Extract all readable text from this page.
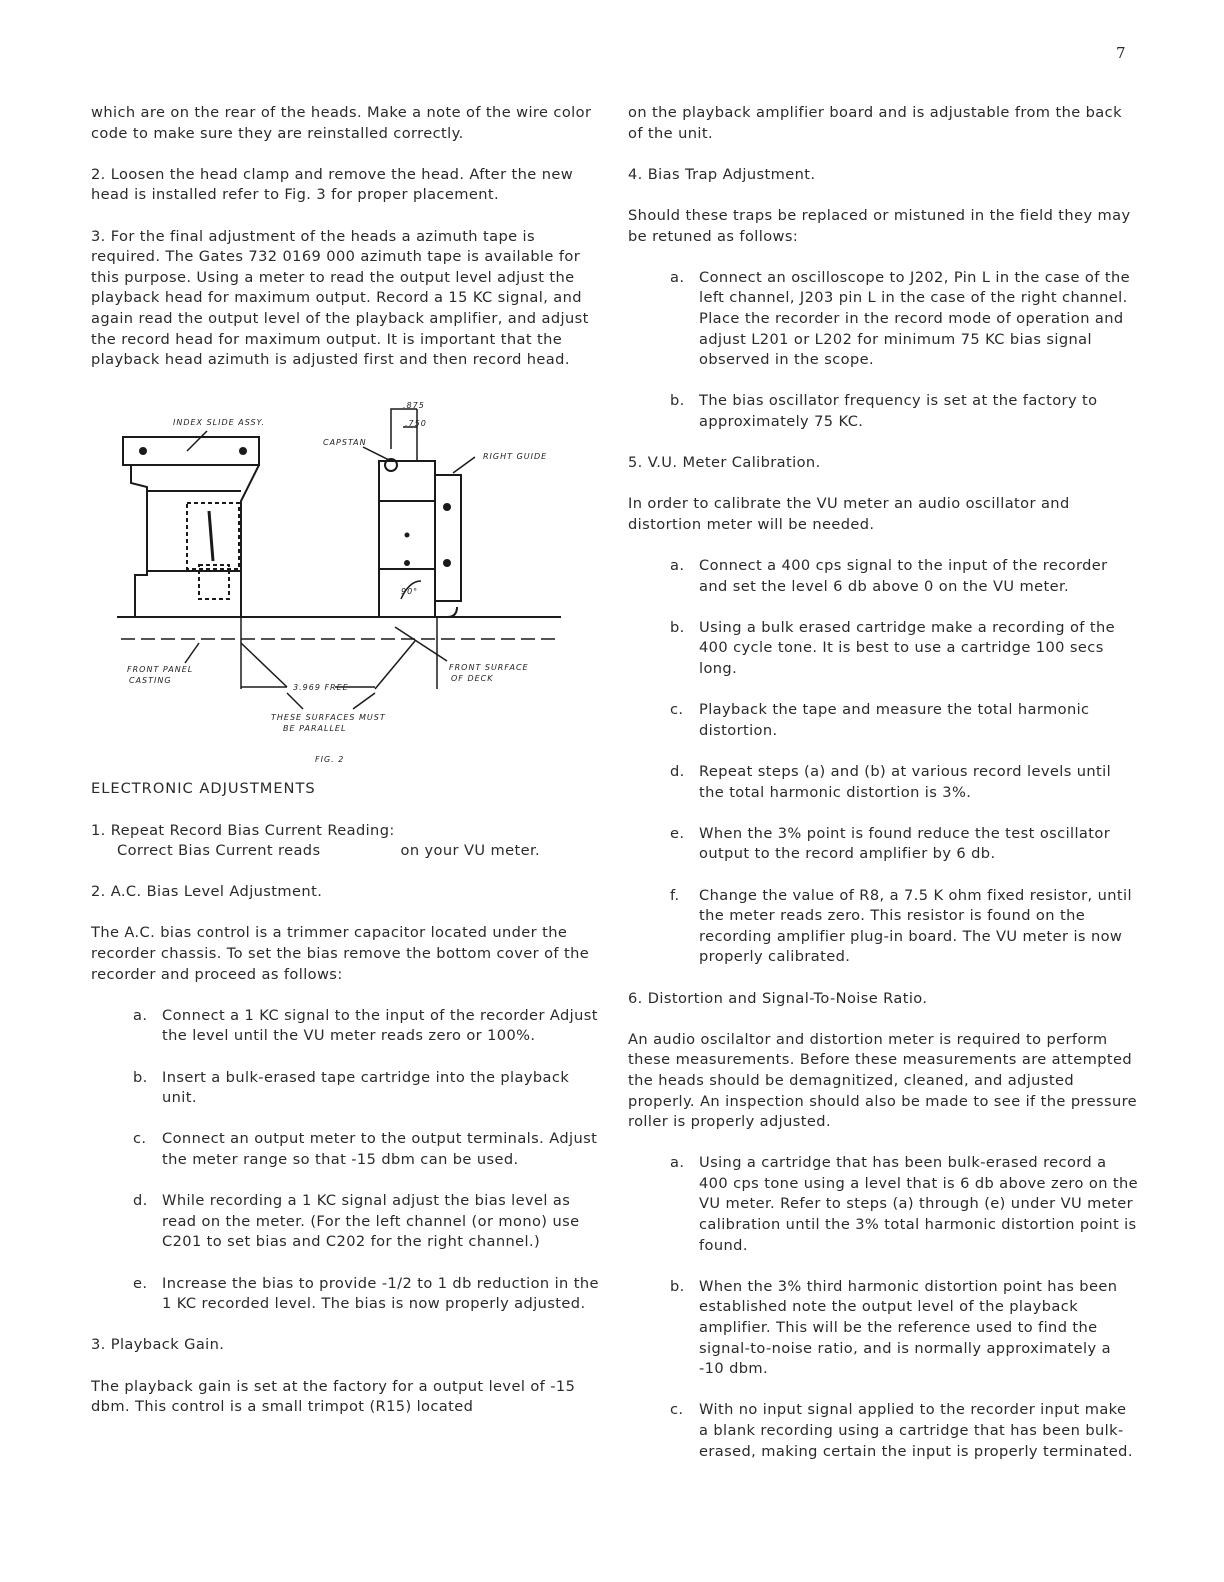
7

which are on the rear of the heads. Make a note of the wire color code to make sure they are reinstalled correctly.

2. Loosen the head clamp and remove the head. After the new head is installed refer to Fig. 3 for proper placement.

3. For the final adjustment of the heads a azimuth tape is required. The Gates 732 0169 000 azimuth tape is available for this purpose. Using a meter to read the output level adjust the playback head for maximum output. Record a 15 KC signal, and again read the output level of the playback amplifier, and adjust the record head for maximum output. It is important that the playback head azimuth is adjusted first and then record head.

INDEX SLIDE ASSY.
.875
.750
CAPSTAN
RIGHT GUIDE
90°
FRONT PANEL
CASTING
3.969 FREE
FRONT SURFACE
OF DECK
THESE SURFACES MUST
BE PARALLEL
FIG. 2
ELECTRONIC ADJUSTMENTS

1. Repeat Record Bias Current Reading:
Correct Bias Current reads	on your VU meter.

2. A.C. Bias Level Adjustment.

The A.C. bias control is a trimmer capacitor located under the recorder chassis. To set the bias remove the bottom cover of the recorder and proceed as follows:

a. Connect a 1 KC signal to the input of the recorder Adjust the level until the VU meter reads zero or 100%.
b. Insert a bulk-erased tape cartridge into the playback unit.
c. Connect an output meter to the output terminals. Adjust the meter range so that -15 dbm can be used.
d. While recording a 1 KC signal adjust the bias level as read on the meter. (For the left channel (or mono) use C201 to set bias and C202 for the right channel.)
e. Increase the bias to provide -1/2 to 1 db reduction in the 1 KC recorded level. The bias is now properly adjusted.

3. Playback Gain.

The playback gain is set at the factory for a output level of -15 dbm. This control is a small trimpot (R15) located

on the playback amplifier board and is adjustable from the back of the unit.

4. Bias Trap Adjustment.

Should these traps be replaced or mistuned in the field they may be retuned as follows:

a. Connect an oscilloscope to J202, Pin L in the case of the left channel, J203 pin L in the case of the right channel. Place the recorder in the record mode of operation and adjust L201 or L202 for minimum 75 KC bias signal observed in the scope.
b. The bias oscillator frequency is set at the factory to approximately 75 KC.

5. V.U. Meter Calibration.

In order to calibrate the VU meter an audio oscillator and distortion meter will be needed.

a. Connect a 400 cps signal to the input of the recorder and set the level 6 db above 0 on the VU meter.
b. Using a bulk erased cartridge make a recording of the 400 cycle tone. It is best to use a cartridge 100 secs long.
c. Playback the tape and measure the total harmonic distortion.
d. Repeat steps (a) and (b) at various record levels until the total harmonic distortion is 3%.
e. When the 3% point is found reduce the test oscillator output to the record amplifier by 6 db.
f. Change the value of R8, a 7.5 K ohm fixed resistor, until the meter reads zero. This resistor is found on the recording amplifier plug-in board. The VU meter is now properly calibrated.

6. Distortion and Signal-To-Noise Ratio.

An audio oscilaltor and distortion meter is required to perform these measurements. Before these measurements are attempted the heads should be demagnitized, cleaned, and adjusted properly. An inspection should also be made to see if the pressure roller is properly adjusted.

a. Using a cartridge that has been bulk-erased record a 400 cps tone using a level that is 6 db above zero on the VU meter. Refer to steps (a) through (e) under VU meter calibration until the 3% total harmonic distortion point is found.
b. When the 3% third harmonic distortion point has been established note the output level of the playback amplifier. This will be the reference used to find the signal-to-noise ratio, and is normally approximately a -10 dbm.
c. With no input signal applied to the recorder input make a blank recording using a cartridge that has been bulk-erased, making certain the input is properly terminated.
